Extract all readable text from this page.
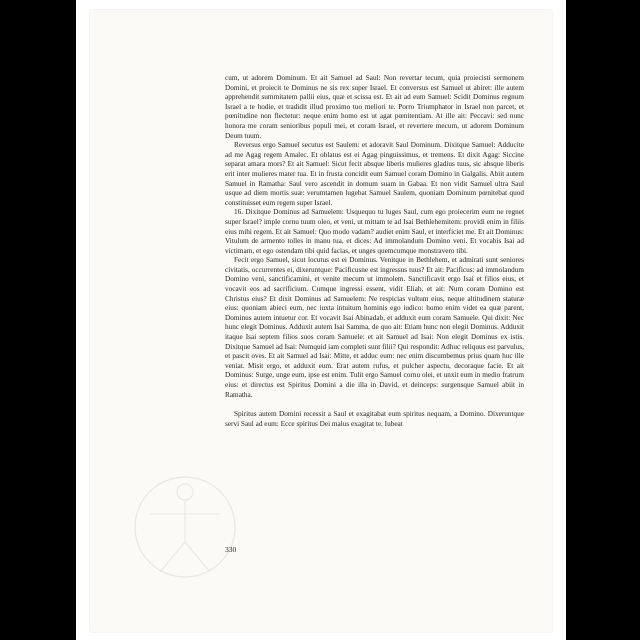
cum, ut adorem Dominum. Et ait Samuel ad Saul: Non revertar tecum, quia proiecisti sermonem Domini, et proiecit te Dominus ne sis rex super Israel. Et conversus est Samuel ut abiret: ille autem apprehendit summitatem pallii eius, quæ et scissa est. Et ait ad eum Samuel: Scidit Dominus regnum Israel a te hodie, et tradidit illud proximo tuo meliori te. Porro Triumphator in Israel non parcet, et pœnitudine non flectetur: neque enim homo est ut agat pœnitentiam. At ille ait: Peccavi: sed nunc honora me coram senioribus populi mei, et coram Israel, et revertere mecum, ut adorem Dominum Deum tuum.

Reversus ergo Samuel secutus est Saulem: et adoravit Saul Dominum. Dixitque Samuel: Adducite ad me Agag regem Amalec. Et oblatus est ei Agag pinguissimus, et tremens. Et dixit Agag: Siccine separat amara mors? Et ait Samuel: Sicut fecit absque liberis mulieres gladius tuus, sic absque liberis erit inter mulieres mater tua. Et in frusta concidit eum Samuel coram Domino in Galgalis. Abiit autem Samuel in Ramatha: Saul vero ascendit in domum suam in Gabaa. Et non vidit Samuel ultra Saul usque ad diem mortis suæ: verumtamen lugebat Samuel Saulem, quoniam Dominum pœnitebat quod constituisset eum regem super Israel.

16. Dixitque Dominus ad Samuelem: Usquequo tu luges Saul, cum ego proiecerim eum ne regnet super Israel? imple cornu tuum oleo, et veni, ut mittam te ad Isai Bethlehemitem: providi enim in filiis eius mihi regem. Et ait Samuel: Quo modo vadam? audiet enim Saul, et interficiet me. Et ait Dominus: Vitulum de armento tolles in manu tua, et dices: Ad immolandum Domino veni. Et vocabis Isai ad victimam, et ego ostendam tibi quid facias, et unges quemcumque monstravero tibi.

Fecit ergo Samuel, sicut locutus est ei Dominus. Venitque in Bethlehem, et admirati sunt seniores civitatis, occurrentes ei, dixeruntque: Pacificusne est ingressus tuus? Et ait: Pacificus: ad immolandum Domino veni, sanctificamini, et venite mecum ut immolem. Sanctificavit ergo Isai et filios eius, et vocavit eos ad sacrificium. Cumque ingressi essent, vidit Eliab, et ait: Num coram Domino est Christus eius? Et dixit Dominus ad Samuelem: Ne respicias vultum eius, neque altitudinem staturæ eius: quoniam abieci eum, nec iuxta intuitum hominis ego iudico: homo enim videt ea quæ parent, Dominus autem intuetur cor. Et vocavit Isai Abinadab, et adduxit eum coram Samuele. Qui dixit: Nec hunc elegit Dominus. Adduxit autem Isai Samma, de quo ait: Etiam hunc non elegit Dominus. Adduxit itaque Isai septem filios suos coram Samuele: et ait Samuel ad Isai: Non elegit Dominus ex istis. Dixitque Samuel ad Isai: Numquid iam completi sunt filii? Qui respondit: Adhuc reliquus est parvulus, et pascit oves. Et ait Samuel ad Isai: Mitte, et adduc eum: nec enim discumbemus prius quam huc ille veniat. Misit ergo, et adduxit eum. Erat autem rufus, et pulcher aspectu, decoraque facie. Et ait Dominus: Surge, unge eum, ipse est enim. Tulit ergo Samuel cornu olei, et unxit eum in medio fratrum eius: et directus est Spiritus Domini a die illa in David, et deinceps: surgensque Samuel abiit in Ramatha.

Spiritus autem Domini recessit a Saul et exagitabat eum spiritus nequam, a Domino. Dixeruntque servi Saul ad eum: Ecce spiritus Dei malus exagitat te. Iubeat

330
